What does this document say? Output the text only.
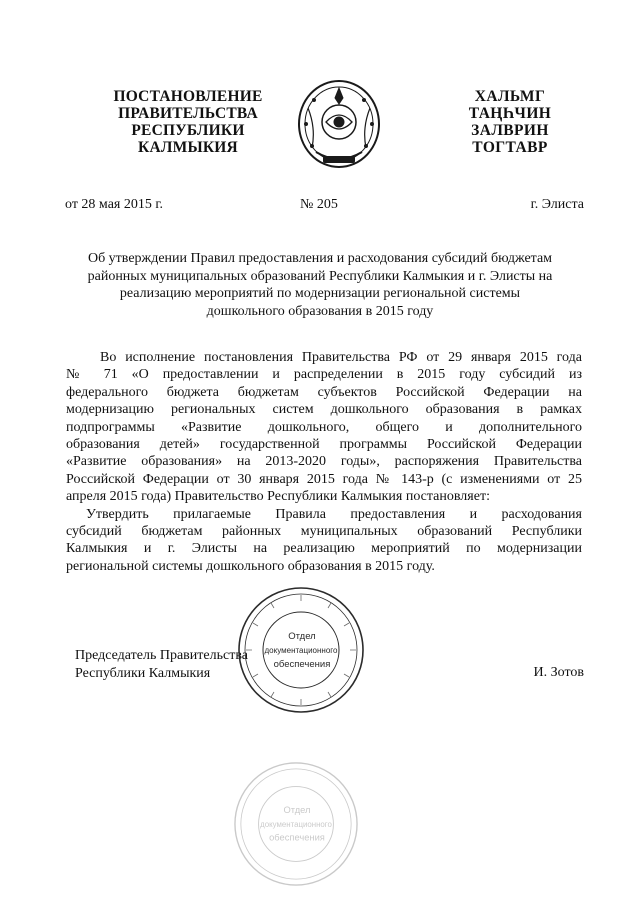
ПОСТАНОВЛЕНИЕ
ПРАВИТЕЛЬСТВА
РЕСПУБЛИКИ
КАЛМЫКИЯ
ХАЛЬМГ
ТАҢҺЧИН
ЗАЛВРИН
ТОГТАВР
от 28 мая 2015 г.	№ 205	г. Элиста
Об утверждении Правил предоставления и расходования субсидий бюджетам
районных муниципальных образований Республики Калмыкия и г. Элисты на
реализацию мероприятий по модернизации региональной системы
дошкольного образования в 2015 году
Во исполнение постановления Правительства РФ от 29 января 2015 года
№ 71 «О предоставлении и распределении в 2015 году субсидий из
федерального бюджета бюджетам субъектов Российской Федерации на
модернизацию региональных систем дошкольного образования в рамках
подпрограммы «Развитие дошкольного, общего и дополнительного
образования детей» государственной программы Российской Федерации
«Развитие образования» на 2013-2020 годы», распоряжения Правительства
Российской Федерации от 30 января 2015 года № 143-р (с изменениями от 25
апреля 2015 года) Правительство Республики Калмыкия постановляет:
Утвердить прилагаемые Правила предоставления и расходования
субсидий бюджетам районных муниципальных образований Республики
Калмыкия и г. Элисты на реализацию мероприятий по модернизации
региональной системы дошкольного образования в 2015 году.
Председатель Правительства
Республики Калмыкия	И. Зотов
Отдел
документационного
обеспечения
Отдел
документационного
обеспечения
